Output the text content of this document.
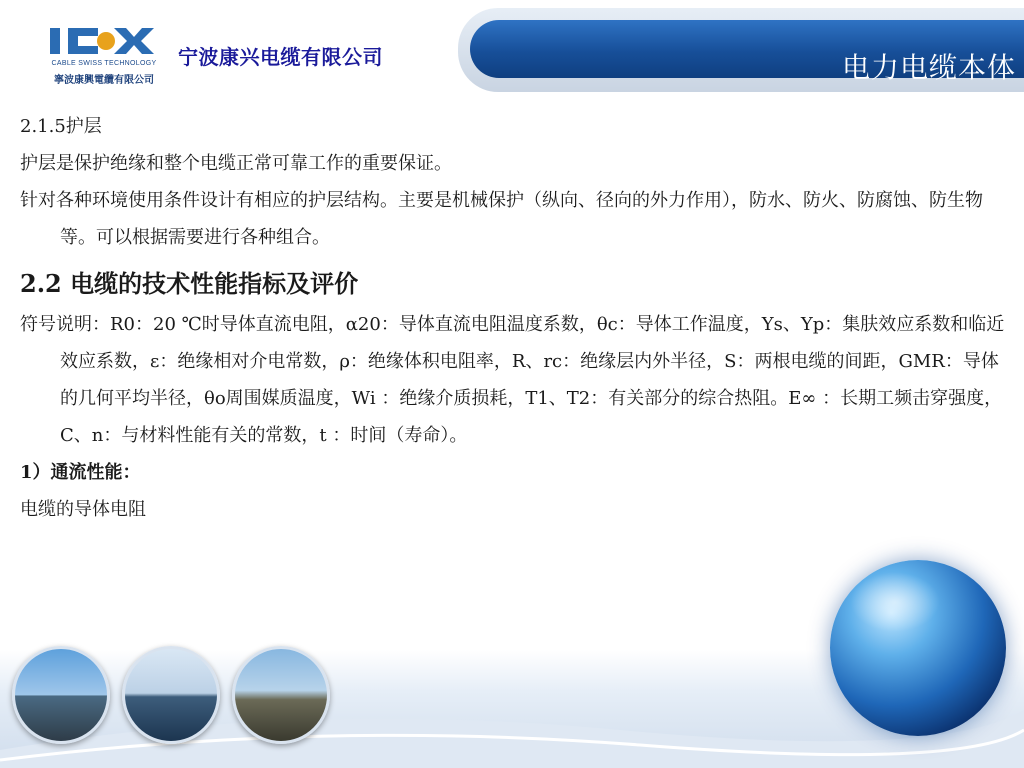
CABLE SWISS TECHNOLOGY
寧波康興電纜有限公司
宁波康兴电缆有限公司	电力电缆本体

2.1.5护层

护层是保护绝缘和整个电缆正常可靠工作的重要保证。

针对各种环境使用条件设计有相应的护层结构。主要是机械保护（纵向、径向的外力作用），防水、防火、防腐蚀、防生物等。可以根据需要进行各种组合。

2.2 电缆的技术性能指标及评价

符号说明：R0：20 ℃时导体直流电阻，α20：导体直流电阻温度系数，θc：导体工作温度，Ys、Yp：集肤效应系数和临近效应系数，ε：绝缘相对介电常数，ρ：绝缘体积电阻率，R、rc：绝缘层内外半径，S：两根电缆的间距，GMR：导体的几何平均半径，θo周围媒质温度，Wi ：绝缘介质损耗，T1、T2：有关部分的综合热阻。E∞ ：长期工频击穿强度， C、n：与材料性能有关的常数，t ：时间（寿命）。

1）通流性能：

电缆的导体电阻
